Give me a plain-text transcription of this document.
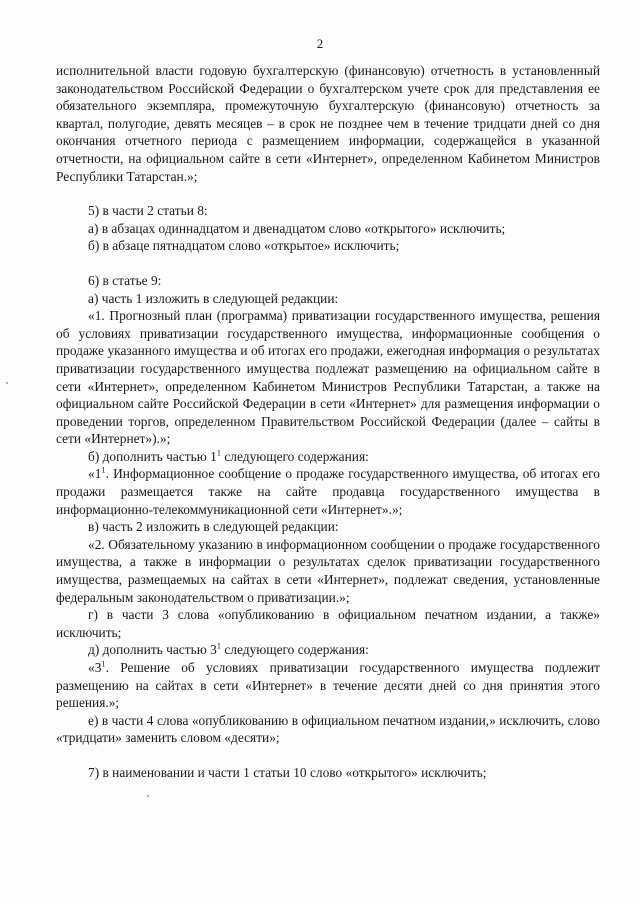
2

исполнительной власти годовую бухгалтерскую (финансовую) отчетность в установленный законодательством Российской Федерации о бухгалтерском учете срок для представления ее обязательного экземпляра, промежуточную бухгалтерскую (финансовую) отчетность за квартал, полугодие, девять месяцев – в срок не позднее чем в течение тридцати дней со дня окончания отчетного периода с размещением информации, содержащейся в указанной отчетности, на официальном сайте в сети «Интернет», определенном Кабинетом Министров Республики Татарстан.»;

5) в части 2 статьи 8:

а) в абзацах одиннадцатом и двенадцатом слово «открытого» исключить;

б) в абзаце пятнадцатом слово «открытое» исключить;

6) в статье 9:

а) часть 1 изложить в следующей редакции:

«1. Прогнозный план (программа) приватизации государственного имущества, решения об условиях приватизации государственного имущества, информационные сообщения о продаже указанного имущества и об итогах его продажи, ежегодная информация о результатах приватизации государственного имущества подлежат размещению на официальном сайте в сети «Интернет», определенном Кабинетом Министров Республики Татарстан, а также на официальном сайте Российской Федерации в сети «Интернет» для размещения информации о проведении торгов, определенном Правительством Российской Федерации (далее – сайты в сети «Интернет»).»;

б) дополнить частью $1^1$ следующего содержания:

«$1^1$. Информационное сообщение о продаже государственного имущества, об итогах его продажи размещается также на сайте продавца государственного имущества в информационно-телекоммуникационной сети «Интернет».»;

в) часть 2 изложить в следующей редакции:

«2. Обязательному указанию в информационном сообщении о продаже государственного имущества, а также в информации о результатах сделок приватизации государственного имущества, размещаемых на сайтах в сети «Интернет», подлежат сведения, установленные федеральным законодательством о приватизации.»;

г) в части 3 слова «опубликованию в официальном печатном издании, а также» исключить;

д) дополнить частью $3^1$ следующего содержания:

«$3^1$. Решение об условиях приватизации государственного имущества подлежит размещению на сайтах в сети «Интернет» в течение десяти дней со дня принятия этого решения.»;

е) в части 4 слова «опубликованию в официальном печатном издании,» исключить, слово «тридцати» заменить словом «десяти»;

7) в наименовании и части 1 статьи 10 слово «открытого» исключить;
